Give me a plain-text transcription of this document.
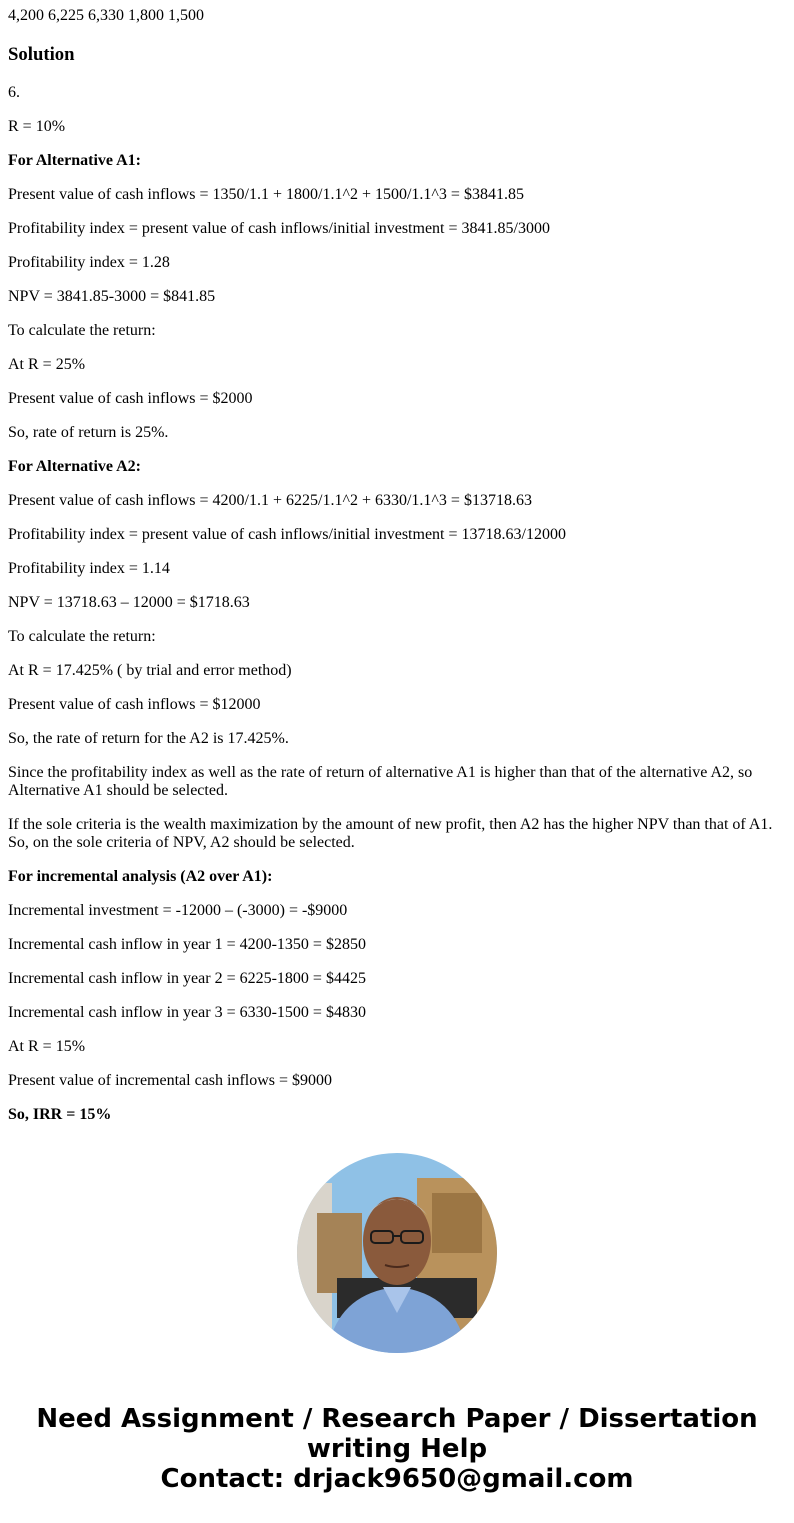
4,200 6,225 6,330 1,800 1,500

Solution

6.

R = 10%

For Alternative A1:

Present value of cash inflows = 1350/1.1 + 1800/1.1^2 + 1500/1.1^3 = $3841.85

Profitability index = present value of cash inflows/initial investment = 3841.85/3000

Profitability index = 1.28

NPV = 3841.85-3000 = $841.85

To calculate the return:

At R = 25%

Present value of cash inflows = $2000

So, rate of return is 25%.

For Alternative A2:

Present value of cash inflows = 4200/1.1 + 6225/1.1^2 + 6330/1.1^3 = $13718.63

Profitability index = present value of cash inflows/initial investment = 13718.63/12000

Profitability index = 1.14

NPV = 13718.63 – 12000 = $1718.63

To calculate the return:

At R = 17.425% ( by trial and error method)

Present value of cash inflows = $12000

So, the rate of return for the A2 is 17.425%.

Since the profitability index as well as the rate of return of alternative A1 is higher than that of the alternative A2, so Alternative A1 should be selected.

If the sole criteria is the wealth maximization by the amount of new profit, then A2 has the higher NPV than that of A1. So, on the sole criteria of NPV, A2 should be selected.

For incremental analysis (A2 over A1):

Incremental investment = -12000 – (-3000) = -$9000

Incremental cash inflow in year 1 = 4200-1350 = $2850

Incremental cash inflow in year 2 = 6225-1800 = $4425

Incremental cash inflow in year 3 = 6330-1500 = $4830

At R = 15%

Present value of incremental cash inflows = $9000

So, IRR = 15%

Need Assignment / Research Paper / Dissertation
writing Help
Contact: drjack9650@gmail.com
